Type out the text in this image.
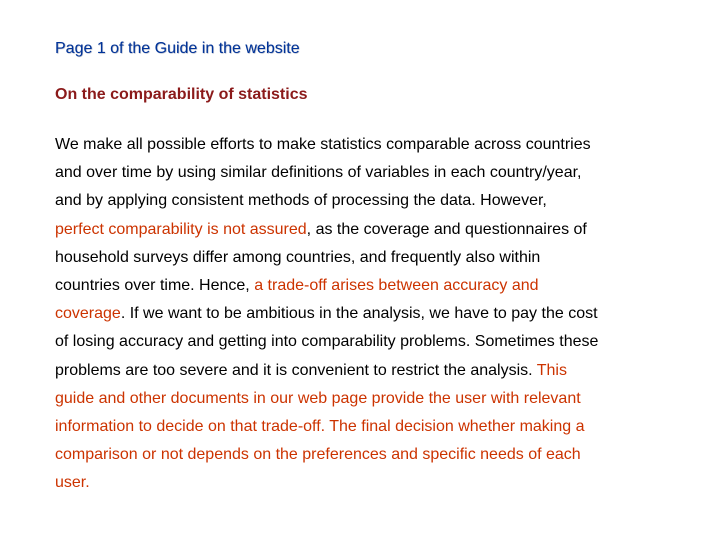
Page 1 of the Guide in the website
On the comparability of statistics
We make all possible efforts to make statistics comparable across countries
and over time by using similar definitions of variables in each country/year,
and by applying consistent methods of processing the data. However,
perfect comparability is not assured, as the coverage and questionnaires of
household surveys differ among countries, and frequently also within
countries over time. Hence, a trade-off arises between accuracy and
coverage. If we want to be ambitious in the analysis, we have to pay the cost
of losing accuracy and getting into comparability problems. Sometimes these
problems are too severe and it is convenient to restrict the analysis. This
guide and other documents in our web page provide the user with relevant
information to decide on that trade-off. The final decision whether making a
comparison or not depends on the preferences and specific needs of each
user.
